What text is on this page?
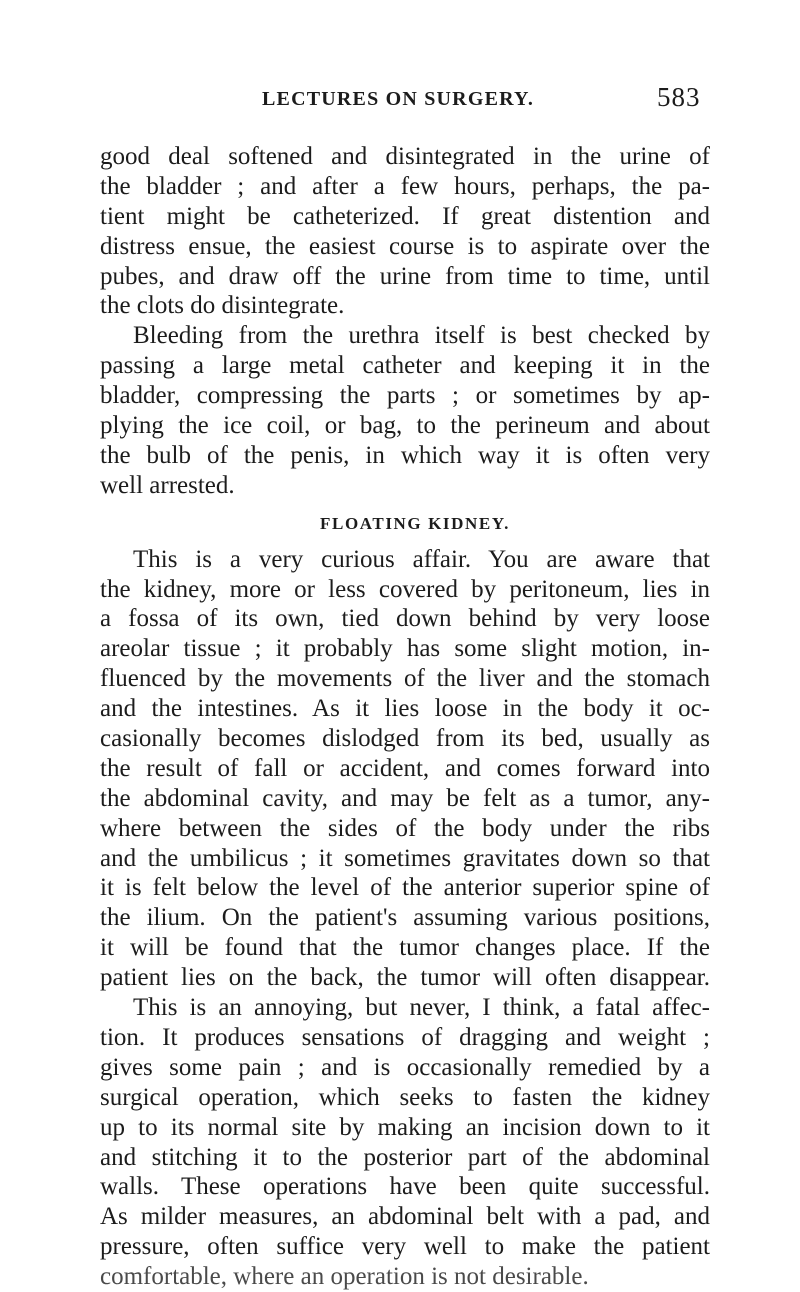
LECTURES ON SURGERY.	583
good deal softened and disintegrated in the urine of
the bladder ; and after a few hours, perhaps, the pa-
tient might be catheterized. If great distention and
distress ensue, the easiest course is to aspirate over the
pubes, and draw off the urine from time to time, until
the clots do disintegrate.
Bleeding from the urethra itself is best checked by
passing a large metal catheter and keeping it in the
bladder, compressing the parts ; or sometimes by ap-
plying the ice coil, or bag, to the perineum and about
the bulb of the penis, in which way it is often very
well arrested.
FLOATING KIDNEY.
This is a very curious affair. You are aware that
the kidney, more or less covered by peritoneum, lies in
a fossa of its own, tied down behind by very loose
areolar tissue ; it probably has some slight motion, in-
fluenced by the movements of the liver and the stomach
and the intestines. As it lies loose in the body it oc-
casionally becomes dislodged from its bed, usually as
the result of fall or accident, and comes forward into
the abdominal cavity, and may be felt as a tumor, any-
where between the sides of the body under the ribs
and the umbilicus ; it sometimes gravitates down so that
it is felt below the level of the anterior superior spine of
the ilium. On the patient's assuming various positions,
it will be found that the tumor changes place. If the
patient lies on the back, the tumor will often disappear.
This is an annoying, but never, I think, a fatal affec-
tion. It produces sensations of dragging and weight ;
gives some pain ; and is occasionally remedied by a
surgical operation, which seeks to fasten the kidney
up to its normal site by making an incision down to it
and stitching it to the posterior part of the abdominal
walls. These operations have been quite successful.
As milder measures, an abdominal belt with a pad, and
pressure, often suffice very well to make the patient
comfortable, where an operation is not desirable.
